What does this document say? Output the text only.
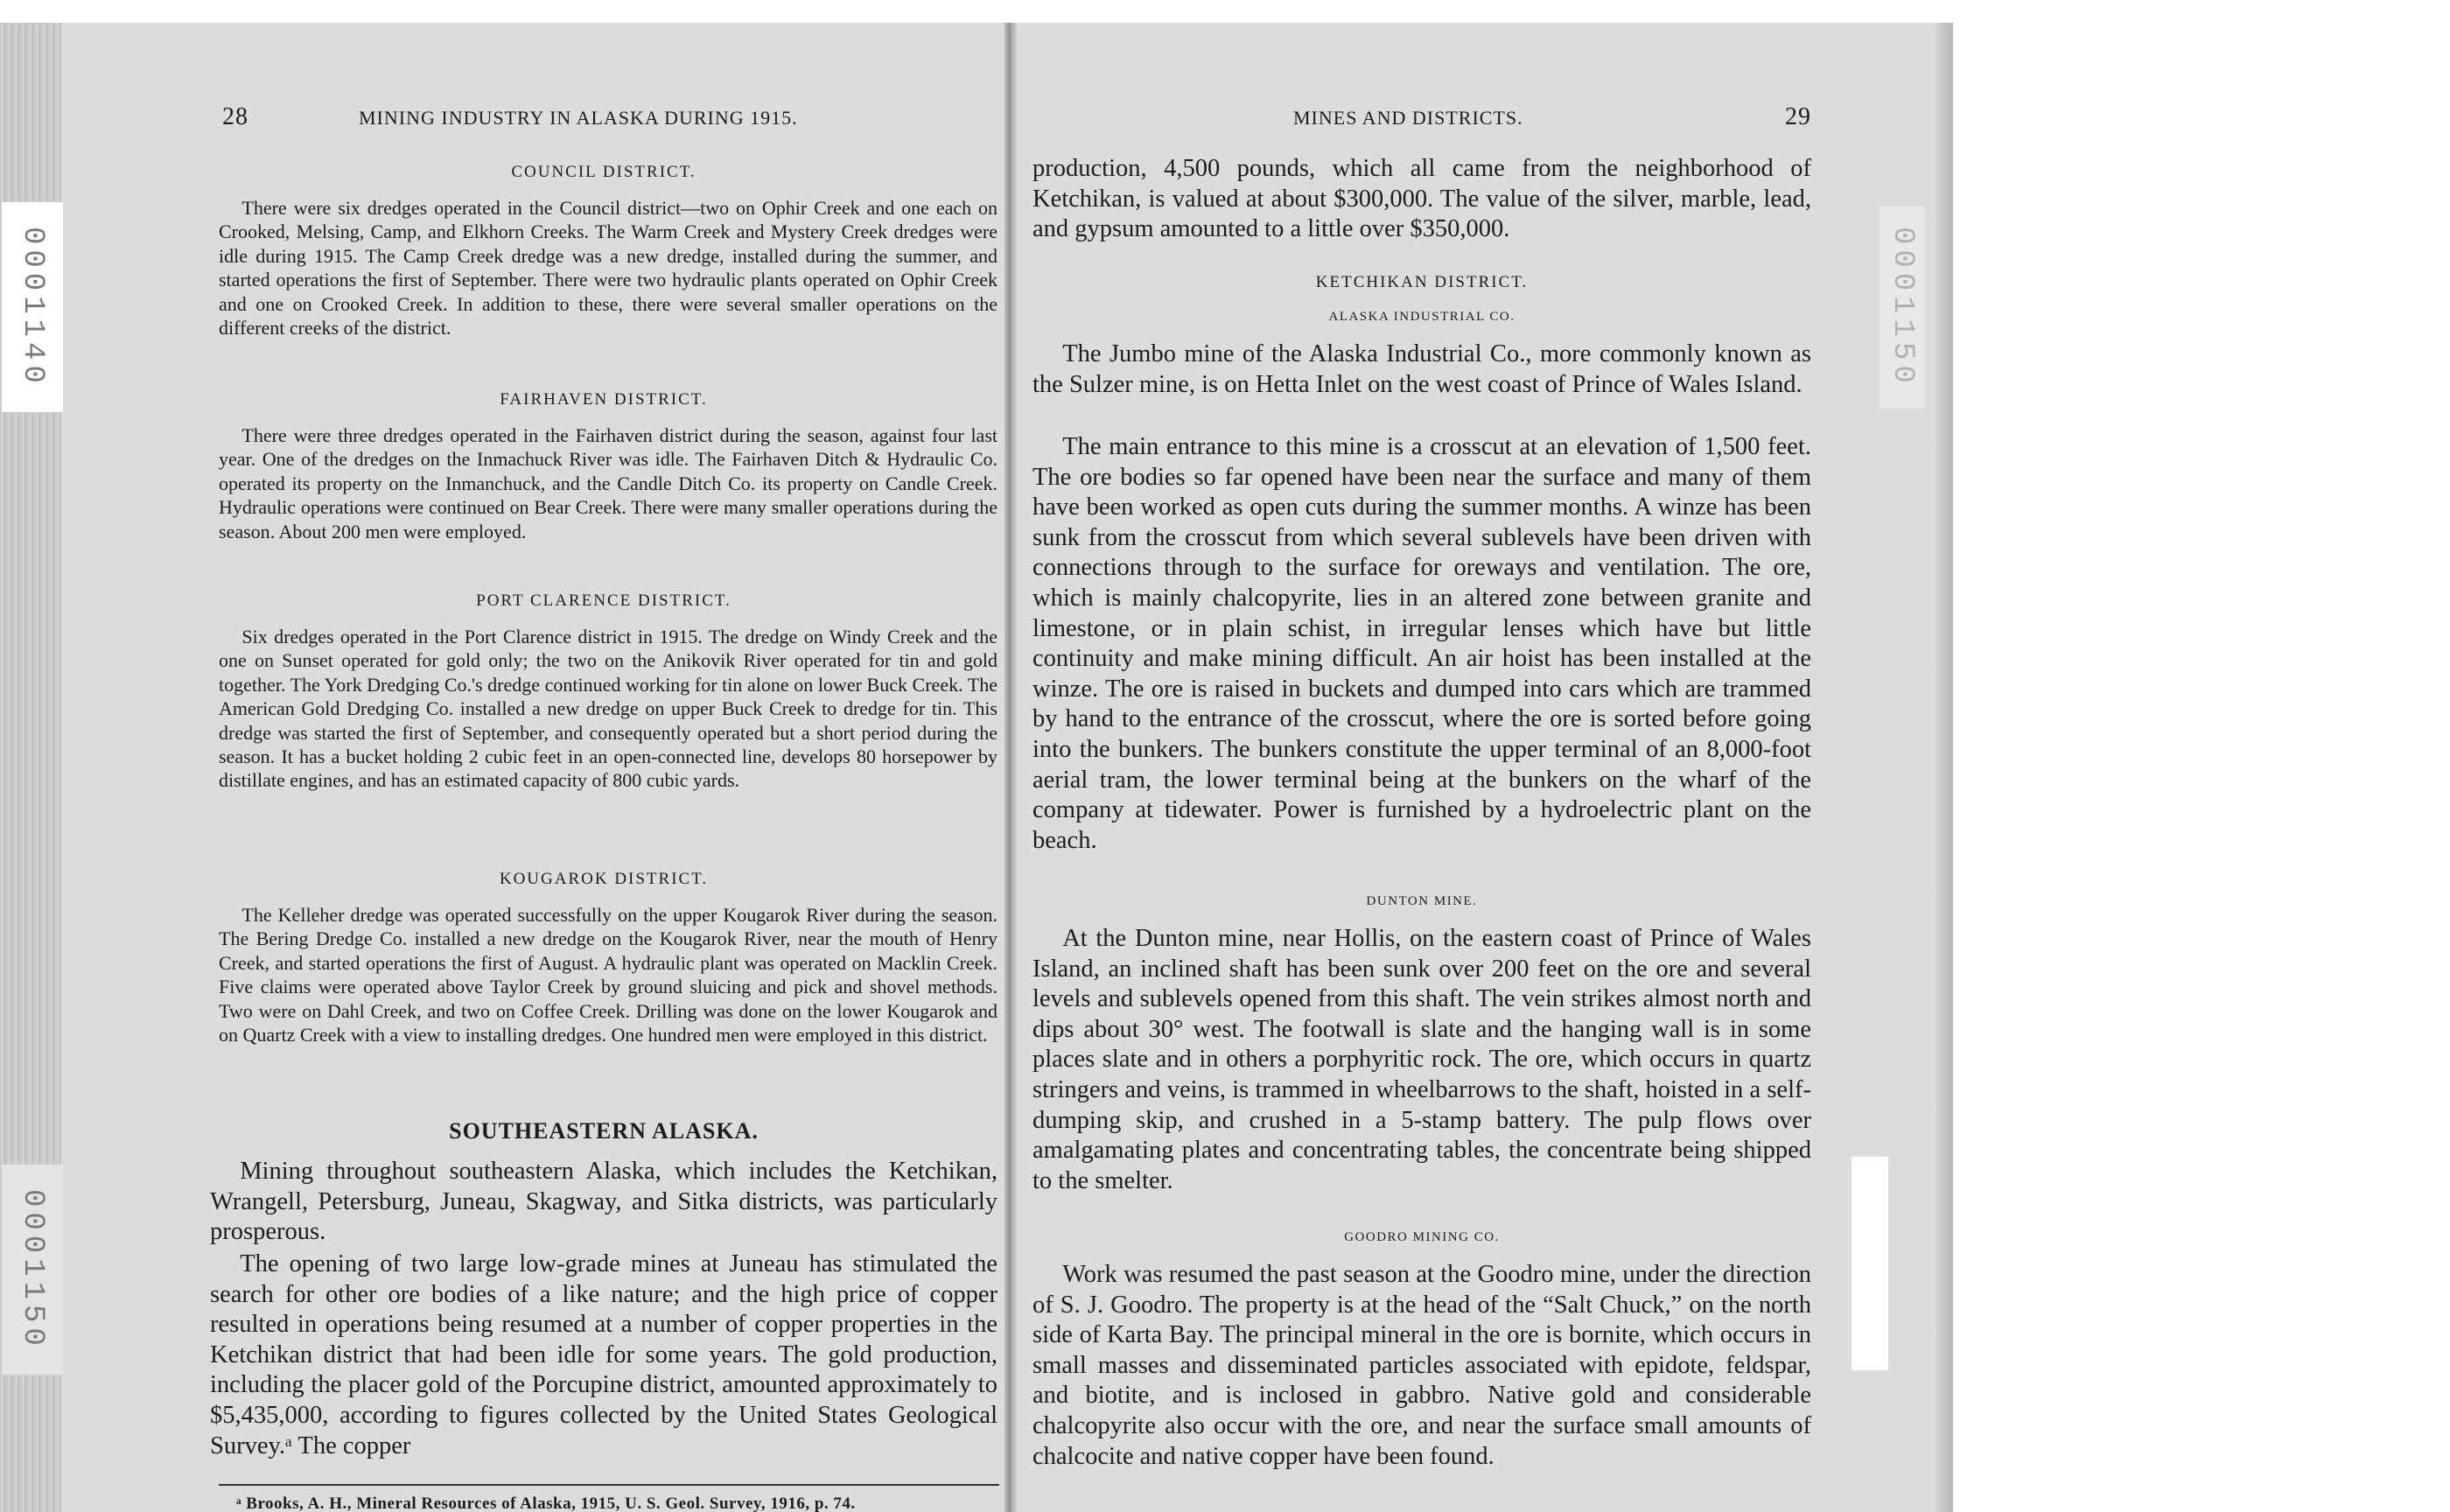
0001140
0001150
0001150
28	MINING INDUSTRY IN ALASKA DURING 1915.
COUNCIL DISTRICT.

There were six dredges operated in the Council district—two on Ophir Creek and one each on Crooked, Melsing, Camp, and Elkhorn Creeks. The Warm Creek and Mystery Creek dredges were idle during 1915. The Camp Creek dredge was a new dredge, installed during the summer, and started operations the first of September. There were two hydraulic plants operated on Ophir Creek and one on Crooked Creek. In addition to these, there were several smaller operations on the different creeks of the district.

FAIRHAVEN DISTRICT.

There were three dredges operated in the Fairhaven district during the season, against four last year. One of the dredges on the Inmachuck River was idle. The Fairhaven Ditch & Hydraulic Co. operated its property on the Inmanchuck, and the Candle Ditch Co. its property on Candle Creek. Hydraulic operations were continued on Bear Creek. There were many smaller operations during the season. About 200 men were employed.

PORT CLARENCE DISTRICT.

Six dredges operated in the Port Clarence district in 1915. The dredge on Windy Creek and the one on Sunset operated for gold only; the two on the Anikovik River operated for tin and gold together. The York Dredging Co.'s dredge continued working for tin alone on lower Buck Creek. The American Gold Dredging Co. installed a new dredge on upper Buck Creek to dredge for tin. This dredge was started the first of September, and consequently operated but a short period during the season. It has a bucket holding 2 cubic feet in an open-connected line, develops 80 horsepower by distillate engines, and has an estimated capacity of 800 cubic yards.

KOUGAROK DISTRICT.

The Kelleher dredge was operated successfully on the upper Kougarok River during the season. The Bering Dredge Co. installed a new dredge on the Kougarok River, near the mouth of Henry Creek, and started operations the first of August. A hydraulic plant was operated on Macklin Creek. Five claims were operated above Taylor Creek by ground sluicing and pick and shovel methods. Two were on Dahl Creek, and two on Coffee Creek. Drilling was done on the lower Kougarok and on Quartz Creek with a view to installing dredges. One hundred men were employed in this district.

SOUTHEASTERN ALASKA.

Mining throughout southeastern Alaska, which includes the Ketchikan, Wrangell, Petersburg, Juneau, Skagway, and Sitka districts, was particularly prosperous.

The opening of two large low-grade mines at Juneau has stimulated the search for other ore bodies of a like nature; and the high price of copper resulted in operations being resumed at a number of copper properties in the Ketchikan district that had been idle for some years. The gold production, including the placer gold of the Porcupine district, amounted approximately to $5,435,000, according to figures collected by the United States Geological Survey.ᵃ The copper

ᵃ Brooks, A. H., Mineral Resources of Alaska, 1915, U. S. Geol. Survey, 1916, p. 74.
MINES AND DISTRICTS.	29

production, 4,500 pounds, which all came from the neighborhood of Ketchikan, is valued at about $300,000. The value of the silver, marble, lead, and gypsum amounted to a little over $350,000.

KETCHIKAN DISTRICT.
ALASKA INDUSTRIAL CO.

The Jumbo mine of the Alaska Industrial Co., more commonly known as the Sulzer mine, is on Hetta Inlet on the west coast of Prince of Wales Island.

The main entrance to this mine is a crosscut at an elevation of 1,500 feet. The ore bodies so far opened have been near the surface and many of them have been worked as open cuts during the summer months. A winze has been sunk from the crosscut from which several sublevels have been driven with connections through to the surface for oreways and ventilation. The ore, which is mainly chalcopyrite, lies in an altered zone between granite and limestone, or in plain schist, in irregular lenses which have but little continuity and make mining difficult. An air hoist has been installed at the winze. The ore is raised in buckets and dumped into cars which are trammed by hand to the entrance of the crosscut, where the ore is sorted before going into the bunkers. The bunkers constitute the upper terminal of an 8,000-foot aerial tram, the lower terminal being at the bunkers on the wharf of the company at tidewater. Power is furnished by a hydroelectric plant on the beach.

DUNTON MINE.

At the Dunton mine, near Hollis, on the eastern coast of Prince of Wales Island, an inclined shaft has been sunk over 200 feet on the ore and several levels and sublevels opened from this shaft. The vein strikes almost north and dips about 30° west. The footwall is slate and the hanging wall is in some places slate and in others a porphyritic rock. The ore, which occurs in quartz stringers and veins, is trammed in wheelbarrows to the shaft, hoisted in a self-dumping skip, and crushed in a 5-stamp battery. The pulp flows over amalgamating plates and concentrating tables, the concentrate being shipped to the smelter.

GOODRO MINING CO.

Work was resumed the past season at the Goodro mine, under the direction of S. J. Goodro. The property is at the head of the “Salt Chuck,” on the north side of Karta Bay. The principal mineral in the ore is bornite, which occurs in small masses and disseminated particles associated with epidote, feldspar, and biotite, and is inclosed in gabbro. Native gold and considerable chalcopyrite also occur with the ore, and near the surface small amounts of chalcocite and native copper have been found.
